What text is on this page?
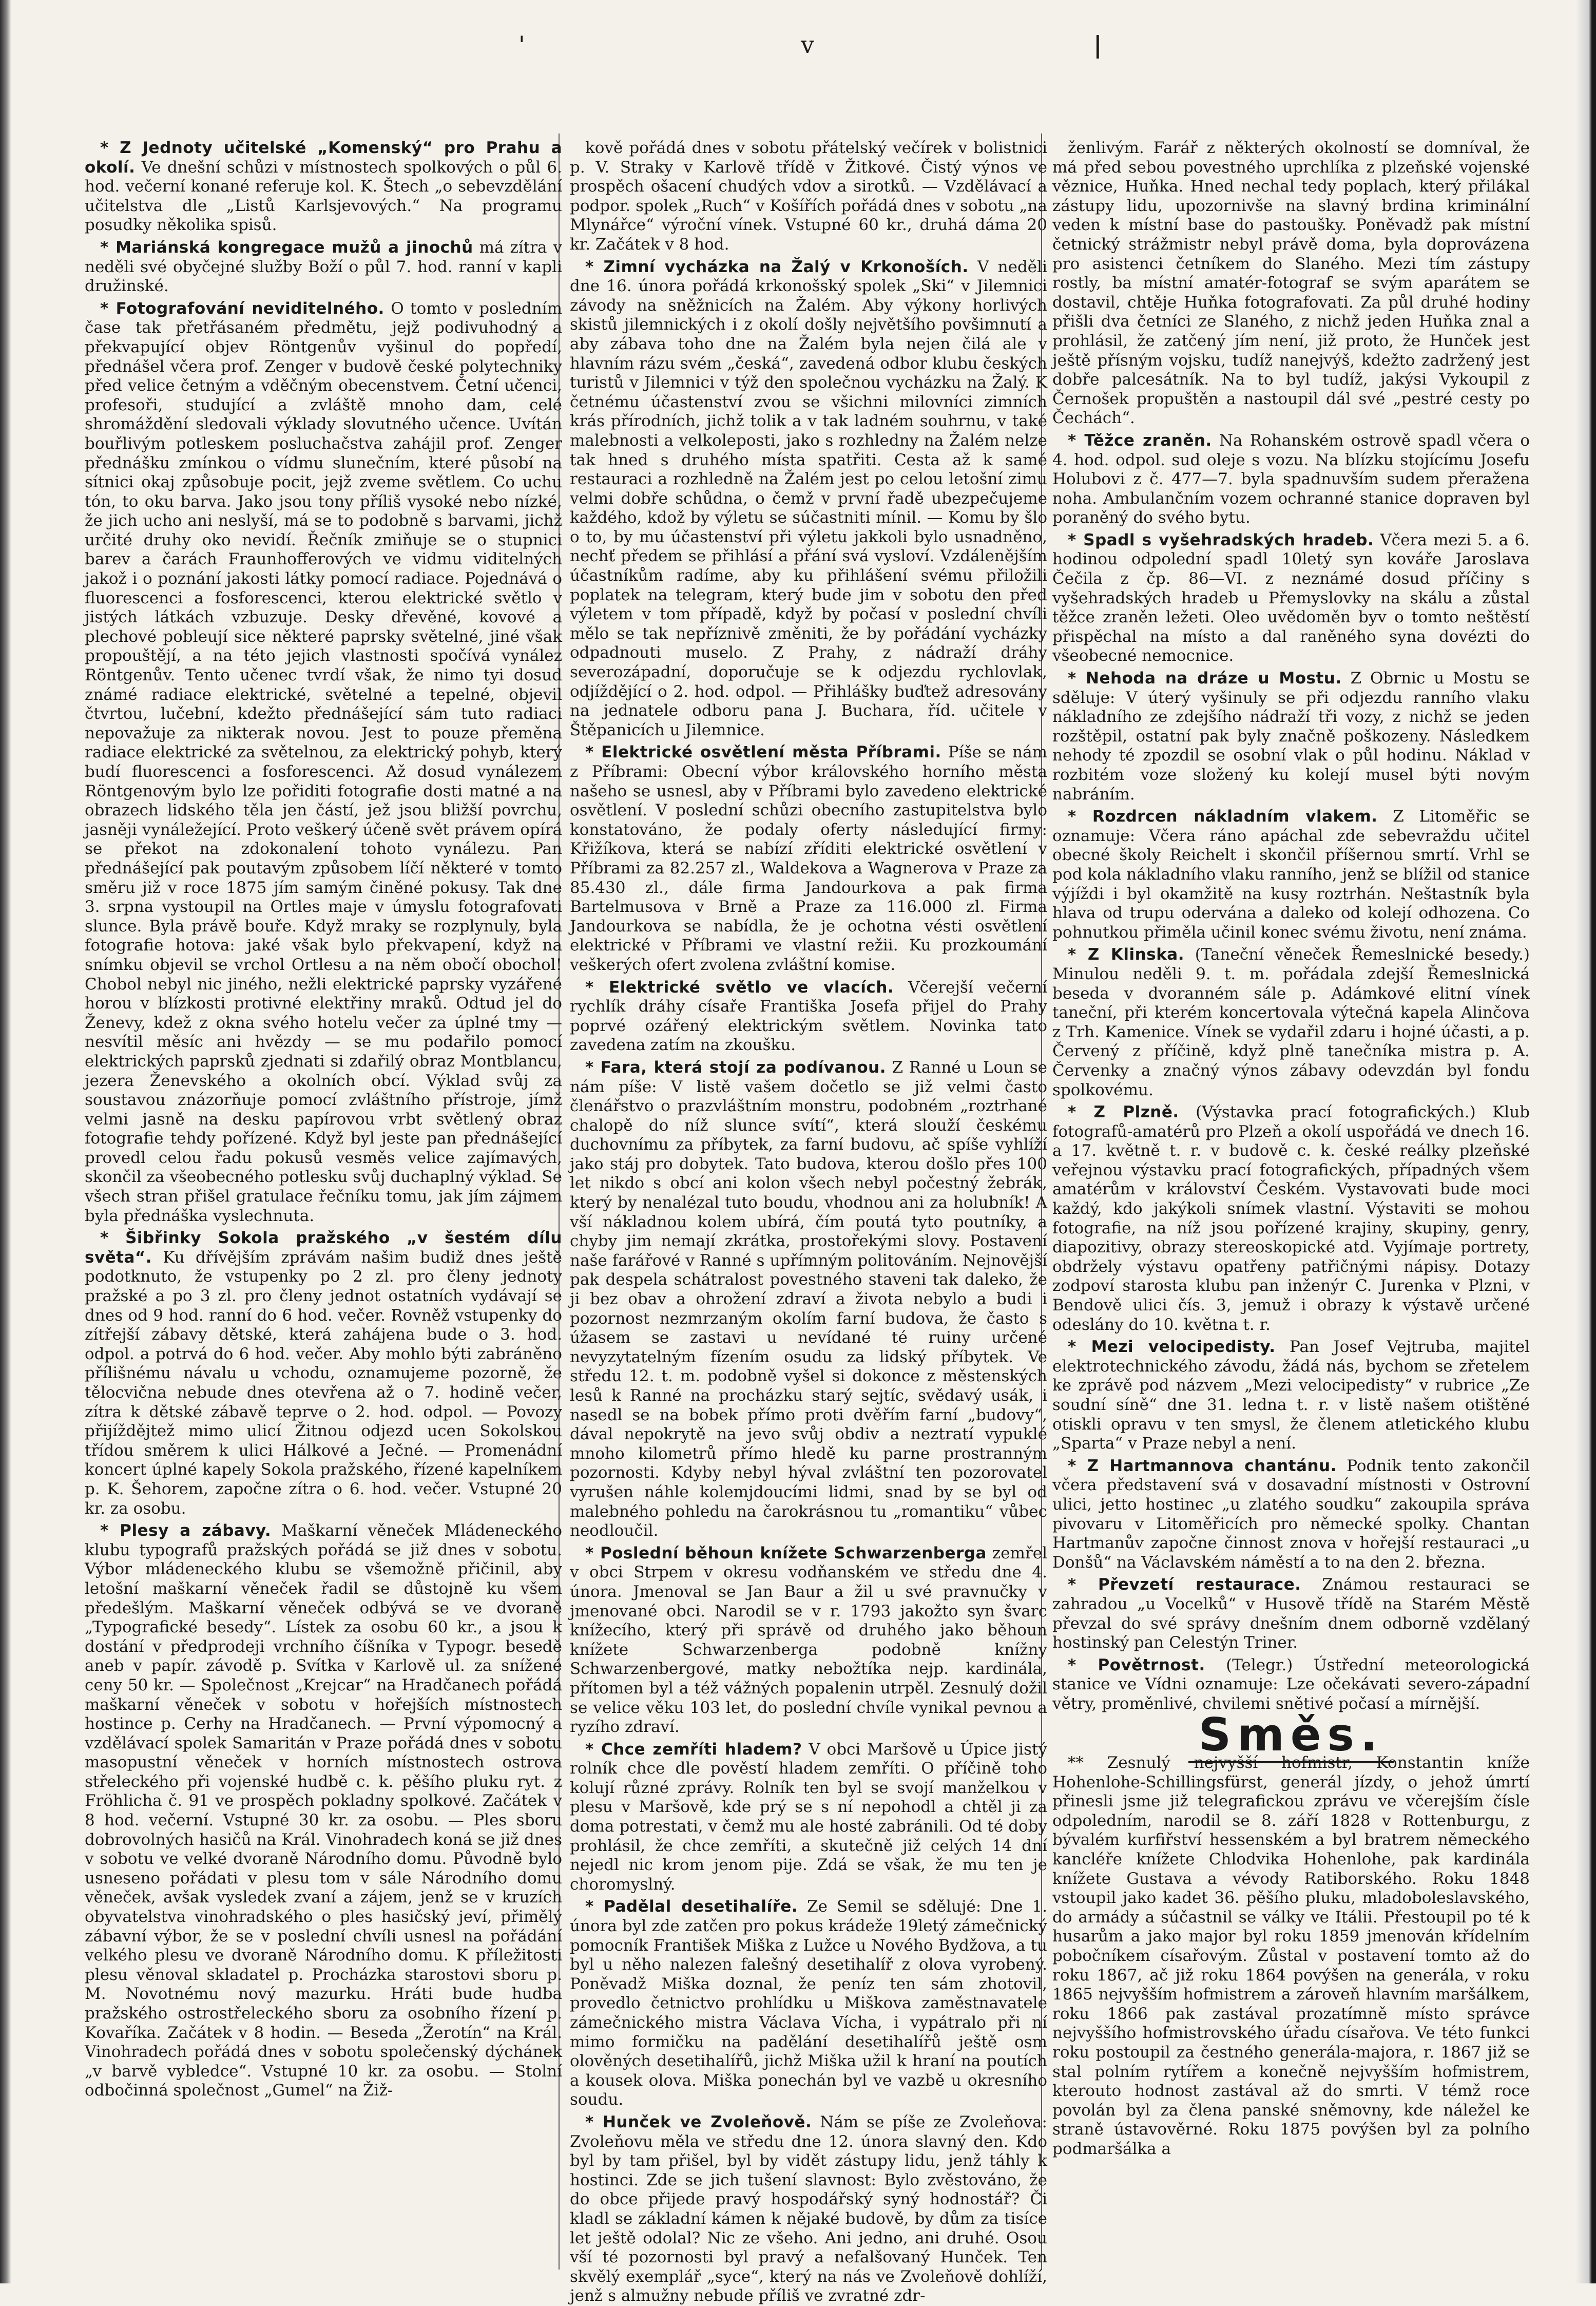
'	v	|

* Z Jednoty učitelské „Komenský“ pro Prahu a okolí. Ve dnešní schůzi v místnostech spolkových o půl 6. hod. večerní konané referuje kol. K. Štech „o sebevzdělání učitelstva dle „Listů Karlsjevových.“ Na programu posudky několika spisů.

* Mariánská kongregace mužů a jinochů má zítra v neděli své obyčejné služby Boží o půl 7. hod. ranní v kapli družinské.

* Fotografování neviditelného. O tomto v posledním čase tak přetřásaném předmětu, jejž podivuhodný a překvapující objev Röntgenův vyšinul do popředí, přednášel včera prof. Zenger v budově české polytechniky před velice četným a vděčným obecenstvem. Četní učenci, profesoři, studující a zvláště mnoho dam, celé shromáždění sledovali výklady slovutného učence. Uvítán bouřlivým potleskem posluchačstva zahájil prof. Zenger přednášku zmínkou o vídmu slunečním, které působí na sítnici okaj způsobuje pocit, jejž zveme světlem. Co uchu tón, to oku barva. Jako jsou tony příliš vysoké nebo nízké, že jich ucho ani neslyší, má se to podobně s barvami, jichž určité druhy oko nevidí. Řečník zmiňuje se o stupnici barev a čarách Fraunhofferových ve vidmu viditelných jakož i o poznání jakosti látky pomocí radiace. Pojednává o fluorescenci a fosforescenci, kterou elektrické světlo v jistých látkách vzbuzuje. Desky dřevěné, kovové a plechové pobleují sice některé paprsky světelné, jiné však propouštějí, a na této jejich vlastnosti spočívá vynález Röntgenův. Tento učenec tvrdí však, že nimo tyi dosud známé radiace elektrické, světelné a tepelné, objevil čtvrtou, lučební, kdežto přednášející sám tuto radiaci nepovažuje za nikterak novou. Jest to pouze přeměna radiace elektrické za světelnou, za elektrický pohyb, který budí fluorescenci a fosforescenci. Až dosud vynálezem Röntgenovým bylo lze pořiditi fotografie dosti matné a na obrazech lidského těla jen částí, jež jsou bližší povrchu, jasněji vynáležející. Proto veškerý účeně svět právem opírá se překot na zdokonalení tohoto vynálezu. Pan přednášející pak poutavým způsobem líčí některé v tomto směru již v roce 1875 jím samým činěné pokusy. Tak dne 3. srpna vystoupil na Ortles maje v úmyslu fotografovati slunce. Byla právě bouře. Když mraky se rozplynuly, byla fotografie hotova: jaké však bylo překvapení, když na snímku objevil se vrchol Ortlesu a na něm obočí obochol! Chobol nebyl nic jiného, nežli elektrické paprsky vyzářené horou v blízkosti protivné elektřiny mraků. Odtud jel do Ženevy, kdež z okna svého hotelu večer za úplné tmy — nesvítil měsíc ani hvězdy — se mu podařilo pomocí elektrických paprsků zjednati si zdařilý obraz Montblancu, jezera Ženevského a okolních obcí. Výklad svůj za soustavou znázorňuje pomocí zvláštního přístroje, jímž velmi jasně na desku papírovou vrbt světlený obraz fotografie tehdy pořízené. Když byl jeste pan přednášející provedl celou řadu pokusů vesměs velice zajímavých, skončil za všeobecného potlesku svůj duchaplný výklad. Se všech stran přišel gratulace řečníku tomu, jak jím zájmem byla přednáška vyslechnuta.

* Šibřinky Sokola pražského „v šestém dílu světa“. Ku dřívějším zprávám našim budiž dnes ještě podotknuto, že vstupenky po 2 zl. pro členy jednoty pražské a po 3 zl. pro členy jednot ostatních vydávají se dnes od 9 hod. ranní do 6 hod. večer. Rovněž vstupenky do zítřejší zábavy dětské, která zahájena bude o 3. hod. odpol. a potrvá do 6 hod. večer. Aby mohlo býti zabráněno přílišnému návalu u vchodu, oznamujeme pozorně, že tělocvična nebude dnes otevřena až o 7. hodině večer, zítra k dětské zábavě teprve o 2. hod. odpol. — Povozy přijíždějtež mimo ulicí Žitnou odjezd ucen Sokolskou třídou směrem k ulici Hálkové a Ječné. — Promenádní koncert úplné kapely Sokola pražského, řízené kapelníkem p. K. Šehorem, započne zítra o 6. hod. večer. Vstupné 20 kr. za osobu.

* Plesy a zábavy. Maškarní věneček Mládeneckého klubu typografů pražských pořádá se již dnes v sobotu. Výbor mládeneckého klubu se všemožně přičinil, aby letošní maškarní věneček řadil se důstojně ku všem předešlým. Maškarní věneček odbývá se ve dvoraně „Typografické besedy“. Lístek za osobu 60 kr., a jsou k dostání v předprodeji vrchního číšníka v Typogr. besedě aneb v papír. závodě p. Svítka v Karlově ul. za snížené ceny 50 kr. — Společnost „Krejcar“ na Hradčanech pořádá maškarní věneček v sobotu v hořejších místnostech hostince p. Cerhy na Hradčanech. — První výpomocný a vzdělávací spolek Samaritán v Praze pořádá dnes v sobotu masopustní věneček v horních místnostech ostrova střeleckého při vojenské hudbě c. k. pěšího pluku ryt. z Fröhlicha č. 91 ve prospěch pokladny spolkové. Začátek v 8 hod. večerní. Vstupné 30 kr. za osobu. — Ples sboru dobrovolných hasičů na Král. Vinohradech koná se již dnes v sobotu ve velké dvoraně Národního domu. Původně bylo usneseno pořádati v plesu tom v sále Národního domu věneček, avšak vysledek zvaní a zájem, jenž se v kruzích obyvatelstva vinohradského o ples hasičský jeví, přimělý zábavní výbor, že se v poslední chvíli usnesl na pořádání velkého plesu ve dvoraně Národního domu. K příležitosti plesu věnoval skladatel p. Procházka starostovi sboru p. M. Novotnému nový mazurku. Hráti bude hudba pražského ostrostřeleckého sboru za osobního řízení p. Kovaříka. Začátek v 8 hodin. — Beseda „Žerotín“ na Král. Vinohradech pořádá dnes v sobotu společenský dýchánek „v barvě vybledce“. Vstupné 10 kr. za osobu. — Stolní odbočinná společnost „Gumel“ na Žiž-

kově pořádá dnes v sobotu přátelský večírek v bolistnici p. V. Straky v Karlově třídě v Žitkové. Čistý výnos ve prospěch ošacení chudých vdov a sirotků. — Vzdělávací a podpor. spolek „Ruch“ v Košířích pořádá dnes v sobotu „na Mlynářce“ výroční vínek. Vstupné 60 kr., druhá dáma 20 kr. Začátek v 8 hod.

* Zimní vycházka na Žalý v Krkonoších. V neděli dne 16. února pořádá krkonošský spolek „Ski“ v Jilemnici závody na sněžnicích na Žalém. Aby výkony horlivých skistů jilemnických i z okolí došly největšího povšimnutí a aby zábava toho dne na Žalém byla nejen čilá ale v hlavním rázu svém „česká“, zavedená odbor klubu českých turistů v Jilemnici v týž den společnou vycházku na Žalý. K četnému účastenství zvou se všichni milovníci zimních krás přírodních, jichž tolik a v tak ladném souhrnu, v také malebnosti a velkoleposti, jako s rozhledny na Žalém nelze tak hned s druhého místa spatřiti. Cesta až k samé restauraci a rozhledně na Žalém jest po celou letošní zimu velmi dobře schůdna, o čemž v první řadě ubezpečujeme každého, kdož by výletu se súčastniti mínil. — Komu by šlo o to, by mu účastenství při výletu jakkoli bylo usnadněno, nechť předem se přihlásí a přání svá vysloví. Vzdálenějším účastníkům radíme, aby ku přihlášení svému přiložili poplatek na telegram, který bude jim v sobotu den před výletem v tom případě, když by počasí v poslední chvíli mělo se tak nepříznivě změniti, že by pořádání vycházky odpadnouti muselo. Z Prahy, z nádraží dráhy severozápadní, doporučuje se k odjezdu rychlovlak, odjíždějící o 2. hod. odpol. — Přihlášky buďtež adresovány na jednatele odboru pana J. Buchara, říd. učitele v Štěpanicích u Jilemnice.

* Elektrické osvětlení města Příbrami. Píše se nám z Příbrami: Obecní výbor královského horního města našeho se usnesl, aby v Příbrami bylo zavedeno elektrické osvětlení. V poslední schůzi obecního zastupitelstva bylo konstatováno, že podaly oferty následující firmy: Křižíkova, která se nabízí zříditi elektrické osvětlení v Příbrami za 82.257 zl., Waldekova a Wagnerova v Praze za 85.430 zl., dále firma Jandourkova a pak firma Bartelmusova v Brně a Praze za 116.000 zl. Firma Jandourkova se nabídla, že je ochotna vésti osvětlení elektrické v Příbrami ve vlastní režii. Ku prozkoumání veškerých ofert zvolena zvláštní komise.

* Elektrické světlo ve vlacích. Včerejší večerní rychlík dráhy císaře Františka Josefa přijel do Prahy poprvé ozářený elektrickým světlem. Novinka tato zavedena zatím na zkoušku.

* Fara, která stojí za podívanou. Z Ranné u Loun se nám píše: V listě vašem dočetlo se již velmi často členářstvo o prazvláštním monstru, podobném „roztrhané chalopě do níž slunce svítí“, která slouží českému duchovnímu za příbytek, za farní budovu, ač spíše vyhlíží jako stáj pro dobytek. Tato budova, kterou došlo přes 100 let nikdo s obcí ani kolon všech nebyl počestný žebrák, který by nenalézal tuto boudu, vhodnou ani za holubník! A vší nákladnou kolem ubírá, čím poutá tyto poutníky, a chyby jim nemají zkrátka, prostořekými slovy. Postavení naše farářové v Ranné s upřímným politováním. Nejnovější pak despela schátralost povestného staveni tak daleko, že ji bez obav a ohrožení zdraví a života nebylo a budi i pozornost nezmrzaným okolím farní budova, že často s úžasem se zastavi u nevídané té ruiny určené nevyzytatelným fízením osudu za lidský příbytek. Ve středu 12. t. m. podobně vyšel si dokonce z městenských lesů k Ranné na procházku starý sejtíc, svědavý usák, i nasedl se na bobek přímo proti dvěřím farní „budovy“, dával nepokrytě na jevo svůj obdiv a neztratí vypuklé mnoho kilometrů přímo hledě ku parne prostranným pozornosti. Kdyby nebyl hýval zvláštní ten pozorovatel vyrušen náhle kolemjdoucími lidmi, snad by se byl od malebného pohledu na čarokrásnou tu „romantiku“ vůbec neodloučil.

* Poslední běhoun knížete Schwarzenberga zemřel v obci Strpem v okresu vodňanském ve středu dne 4. února. Jmenoval se Jan Baur a žil u své pravnučky v jmenované obci. Narodil se v r. 1793 jakožto syn švarc knížecího, který při správě od druhého jako běhoun knížete Schwarzenberga podobně knížny Schwarzenbergové, matky nebožtíka nejp. kardinála, přítomen byl a též vážných popalenin utrpěl. Zesnulý dožil se velice věku 103 let, do poslední chvíle vynikal pevnou a ryzího zdraví.

* Chce zemříti hladem? V obci Maršově u Úpice jistý rolník chce dle pověstí hladem zemříti. O příčině toho kolují různé zprávy. Rolník ten byl se svojí manželkou v plesu v Maršově, kde prý se s ní nepohodl a chtěl ji za doma potrestati, v čemž mu ale hosté zabránili. Od té doby prohlásil, že chce zemříti, a skutečně již celých 14 dní nejedl nic krom jenom pije. Zdá se však, že mu ten je choromyslný.

* Padělal desetihalíře. Ze Semil se sdělujé: Dne 1. února byl zde zatčen pro pokus krádeže 19letý zámečnický pomocník František Miška z Lužce u Nového Bydžova, a tu byl u něho nalezen falešný desetihalíř z olova vyrobený. Poněvadž Miška doznal, že peníz ten sám zhotovil, provedlo četnictvo prohlídku u Miškova zaměstnavatele zámečnického mistra Václava Vícha, i vypátralo při ní mimo formičku na padělání desetihalířů ještě osm olověných desetihalířů, jichž Miška užil k hraní na poutích a kousek olova. Miška ponechán byl ve vazbě u okresního soudu.

* Hunček ve Zvoleňově. Nám se píše ze Zvoleňova: Zvoleňovu měla ve středu dne 12. února slavný den. Kdo byl by tam přišel, byl by vidět zástupy lidu, jenž táhly k hostinci. Zde se jich tušení slavnost: Bylo zvěstováno, že do obce přijede pravý hospodářský syný hodnostář? Či kladl se základní kámen k nějaké budově, by dům za tisíce let ještě odolal? Nic ze všeho. Ani jedno, ani druhé. Osou vší té pozornosti byl pravý a nefalšovaný Hunček. Ten skvělý exemplář „syce“, který na nás ve Zvoleňově dohlíží, jenž s almužny nebude příliš ve zvratné zdr-

ženlivým. Farář z některých okolností se domníval, že má před sebou povestného uprchlíka z plzeňské vojenské věznice, Huňka. Hned nechal tedy poplach, který přilákal zástupy lidu, upozornivše na slavný brdina kriminální veden k místní base do pastoušky. Poněvadž pak místní četnický strážmistr nebyl právě doma, byla doprovázena pro asistenci četníkem do Slaného. Mezi tím zástupy rostly, ba místní amatér-fotograf se svým aparátem se dostavil, chtěje Huňka fotografovati. Za půl druhé hodiny přišli dva četníci ze Slaného, z nichž jeden Huňka znal a prohlásil, že zatčený jím není, již proto, že Hunček jest ještě přísným vojsku, tudíž nanejvýš, kdežto zadržený jest dobře palcesátník. Na to byl tudíž, jakýsi Vykoupil z Černošek propuštěn a nastoupil dál své „pestré cesty po Čechách“.

* Těžce zraněn. Na Rohanském ostrově spadl včera o 4. hod. odpol. sud oleje s vozu. Na blízku stojícímu Josefu Holubovi z č. 477—7. byla spadnuvším sudem přeražena noha. Ambulančním vozem ochranné stanice dopraven byl poraněný do svého bytu.

* Spadl s vyšehradských hradeb. Včera mezi 5. a 6. hodinou odpolední spadl 10letý syn kováře Jaroslava Čečila z čp. 86—VI. z neznámé dosud příčiny s vyšehradských hradeb u Přemyslovky na skálu a zůstal těžce zraněn ležeti. Oleo uvědoměn byv o tomto neštěstí přispěchal na místo a dal raněného syna dovézti do všeobecné nemocnice.

* Nehoda na dráze u Mostu. Z Obrnic u Mostu se sděluje: V úterý vyšinuly se při odjezdu ranního vlaku nákladního ze zdejšího nádraží tři vozy, z nichž se jeden rozštěpil, ostatní pak byly značně poškozeny. Následkem nehody té zpozdil se osobní vlak o půl hodinu. Náklad v rozbitém voze složený ku kolejí musel býti novým nabráním.

* Rozdrcen nákladním vlakem. Z Litoměřic se oznamuje: Včera ráno apáchal zde sebevraždu učitel obecné školy Reichelt i skončil příšernou smrtí. Vrhl se pod kola nákladního vlaku ranního, jenž se blížil od stanice výjíždi i byl okamžitě na kusy roztrhán. Neštastník byla hlava od trupu odervána a daleko od kolejí odhozena. Co pohnutkou přiměla učinil konec svému životu, není známa.

* Z Klinska. (Taneční věneček Řemeslnické besedy.) Minulou neděli 9. t. m. pořádala zdejší Řemeslnická beseda v dvoranném sále p. Adámkové elitní vínek taneční, při kterém koncertovala výtečná kapela Alinčova z Trh. Kamenice. Vínek se vydařil zdaru i hojné účasti, a p. Červený z příčině, když plně tanečníka mistra p. A. Červenky a značný výnos zábavy odevzdán byl fondu spolkovému.

* Z Plzně. (Výstavka prací fotografických.) Klub fotografů-amatérů pro Plzeň a okolí uspořádá ve dnech 16. a 17. květně t. r. v budově c. k. české reálky plzeňské veřejnou výstavku prací fotografických, případných všem amatérům v království Českém. Vystavovati bude moci každý, kdo jakýkoli snímek vlastní. Výstaviti se mohou fotografie, na níž jsou pořízené krajiny, skupiny, genry, diapozitivy, obrazy stereoskopické atd. Vyjímaje portrety, obdržely výstavu opatřeny patřičnými nápisy. Dotazy zodpoví starosta klubu pan inženýr C. Jurenka v Plzni, v Bendově ulici čís. 3, jemuž i obrazy k výstavě určené odeslány do 10. května t. r.

* Mezi velocipedisty. Pan Josef Vejtruba, majitel elektrotechnického závodu, žádá nás, bychom se zřetelem ke zprávě pod názvem „Mezi velocipedisty“ v rubrice „Ze soudní síně“ dne 31. ledna t. r. v listě našem otištěné otiskli opravu v ten smysl, že členem atletického klubu „Sparta“ v Praze nebyl a není.

* Z Hartmannova chantánu. Podnik tento zakončil včera představení svá v dosavadní místnosti v Ostrovní ulici, jetto hostinec „u zlatého soudku“ zakoupila správa pivovaru v Litoměřicích pro německé spolky. Chantan Hartmanův započne činnost znova v hořejší restauraci „u Donšů“ na Václavském náměstí a to na den 2. března.

* Převzetí restaurace. Známou restauraci se zahradou „u Vocelků“ v Husově třídě na Starém Městě převzal do své správy dnešním dnem odborně vzdělaný hostinský pan Celestýn Triner.

* Povětrnost. (Telegr.) Ústřední meteorologická stanice ve Vídni oznamuje: Lze očekávati severo-západní větry, proměnlivé, chvilemi snětivé počasí a mírnější.

Směs.

** Zesnulý nejvyšší hofmistr, Konstantin kníže Hohenlohe-Schillingsfürst, generál jízdy, o jehož úmrtí přinesli jsme již telegrafickou zprávu ve včerejším čísle odpoledním, narodil se 8. září 1828 v Rottenburgu, z bývalém kurfiřství hessenském a byl bratrem německého kancléře knížete Chlodvika Hohenlohe, pak kardinála knížete Gustava a vévody Ratiborského. Roku 1848 vstoupil jako kadet 36. pěšího pluku, mladoboleslavského, do armády a súčastnil se války ve Itálii. Přestoupil po té k husarům a jako major byl roku 1859 jmenován křídelním pobočníkem císařovým. Zůstal v postavení tomto až do roku 1867, ač již roku 1864 povýšen na generála, v roku 1865 nejvyšším hofmistrem a zároveň hlavním maršálkem, roku 1866 pak zastával prozatímně místo správce nejvyššího hofmistrovského úřadu císařova. Ve této funkci roku postoupil za čestného generála-majora, r. 1867 již se stal polním rytířem a konečně nejvyšším hofmistrem, kterouto hodnost zastával až do smrti. V témž roce povolán byl za člena panské sněmovny, kde náležel ke straně ústavověrné. Roku 1875 povýšen byl za polního podmaršálka a
